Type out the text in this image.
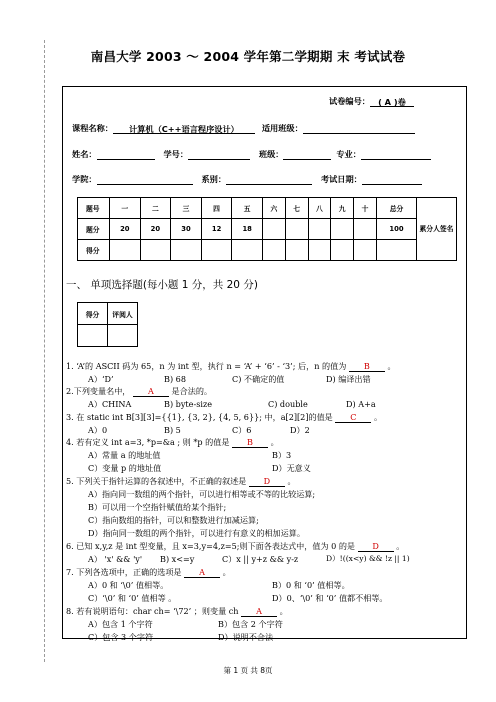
南昌大学 2003 ～ 2004 学年第二学期期 末 考试试卷
试卷编号： ( A )卷
课程名称： 计算机（C++语言程序设计）	适用班级：
姓名：	学号：	班级：	专业：
学院：	系别：	考试日期：
题号	一	二	三	四	五	六	七	八	九	十	总分	累分人签名
题分	20	20	30	12	18						100	
得分												
一、 单项选择题(每小题 1 分，共 20 分)
得分	评阅人

1. ‘A’的 ASCII 码为 65，n 为 int 型，执行 n = ‘A’ + ‘6’ - ‘3’; 后，n 的值为 B 。
A）‘D’	B) 68	C) 不确定的值	D) 编译出错
2.下列变量名中， A 是合法的。
A）CHINA	B) byte-size	C) double	D) A+a
3. 在 static int B[3][3]={{1}, {3, 2}, {4, 5, 6}}; 中，a[2][2]的值是 C 。
A）0	B) 5	C）6	D）2
4. 若有定义 int a=3, *p=&a ; 则 *p 的值是 B 。
A）常量 a 的地址值	B）3
C）变量 p 的地址值	D）无意义
5. 下列关于指针运算的各叙述中，不正确的叙述是 D 。
A）指向同一数组的两个指针，可以进行相等或不等的比较运算;
B）可以用一个空指针赋值给某个指针;
C）指向数组的指针，可以和整数进行加减运算;
D）指向同一数组的两个指针，可以进行有意义的相加运算。
6. 已知 x,y,z 是 int 型变量，且 x=3,y=4,z=5;则下面各表达式中，值为 0 的是 D 。
A） 'x' && 'y' B) x<=y	C）x || y+z && y-z	D）!((x<y) && !z || 1)
7. 下列各选项中，正确的选项是 A 。
A）0 和 ‘\0’ 值相等。	B）0 和 ‘0’ 值相等。
C）‘\0’ 和 ‘0’ 值相等 。	D）0、‘\0’ 和 ‘0’ 值都不相等。
8. 若有说明语句：char ch= ‘\72’ ；则变量 ch A 。
A）包含 1 个字符	B）包含 2 个字符
C）包含 3 个字符	D）说明不合法
第 1 页 共 8页
